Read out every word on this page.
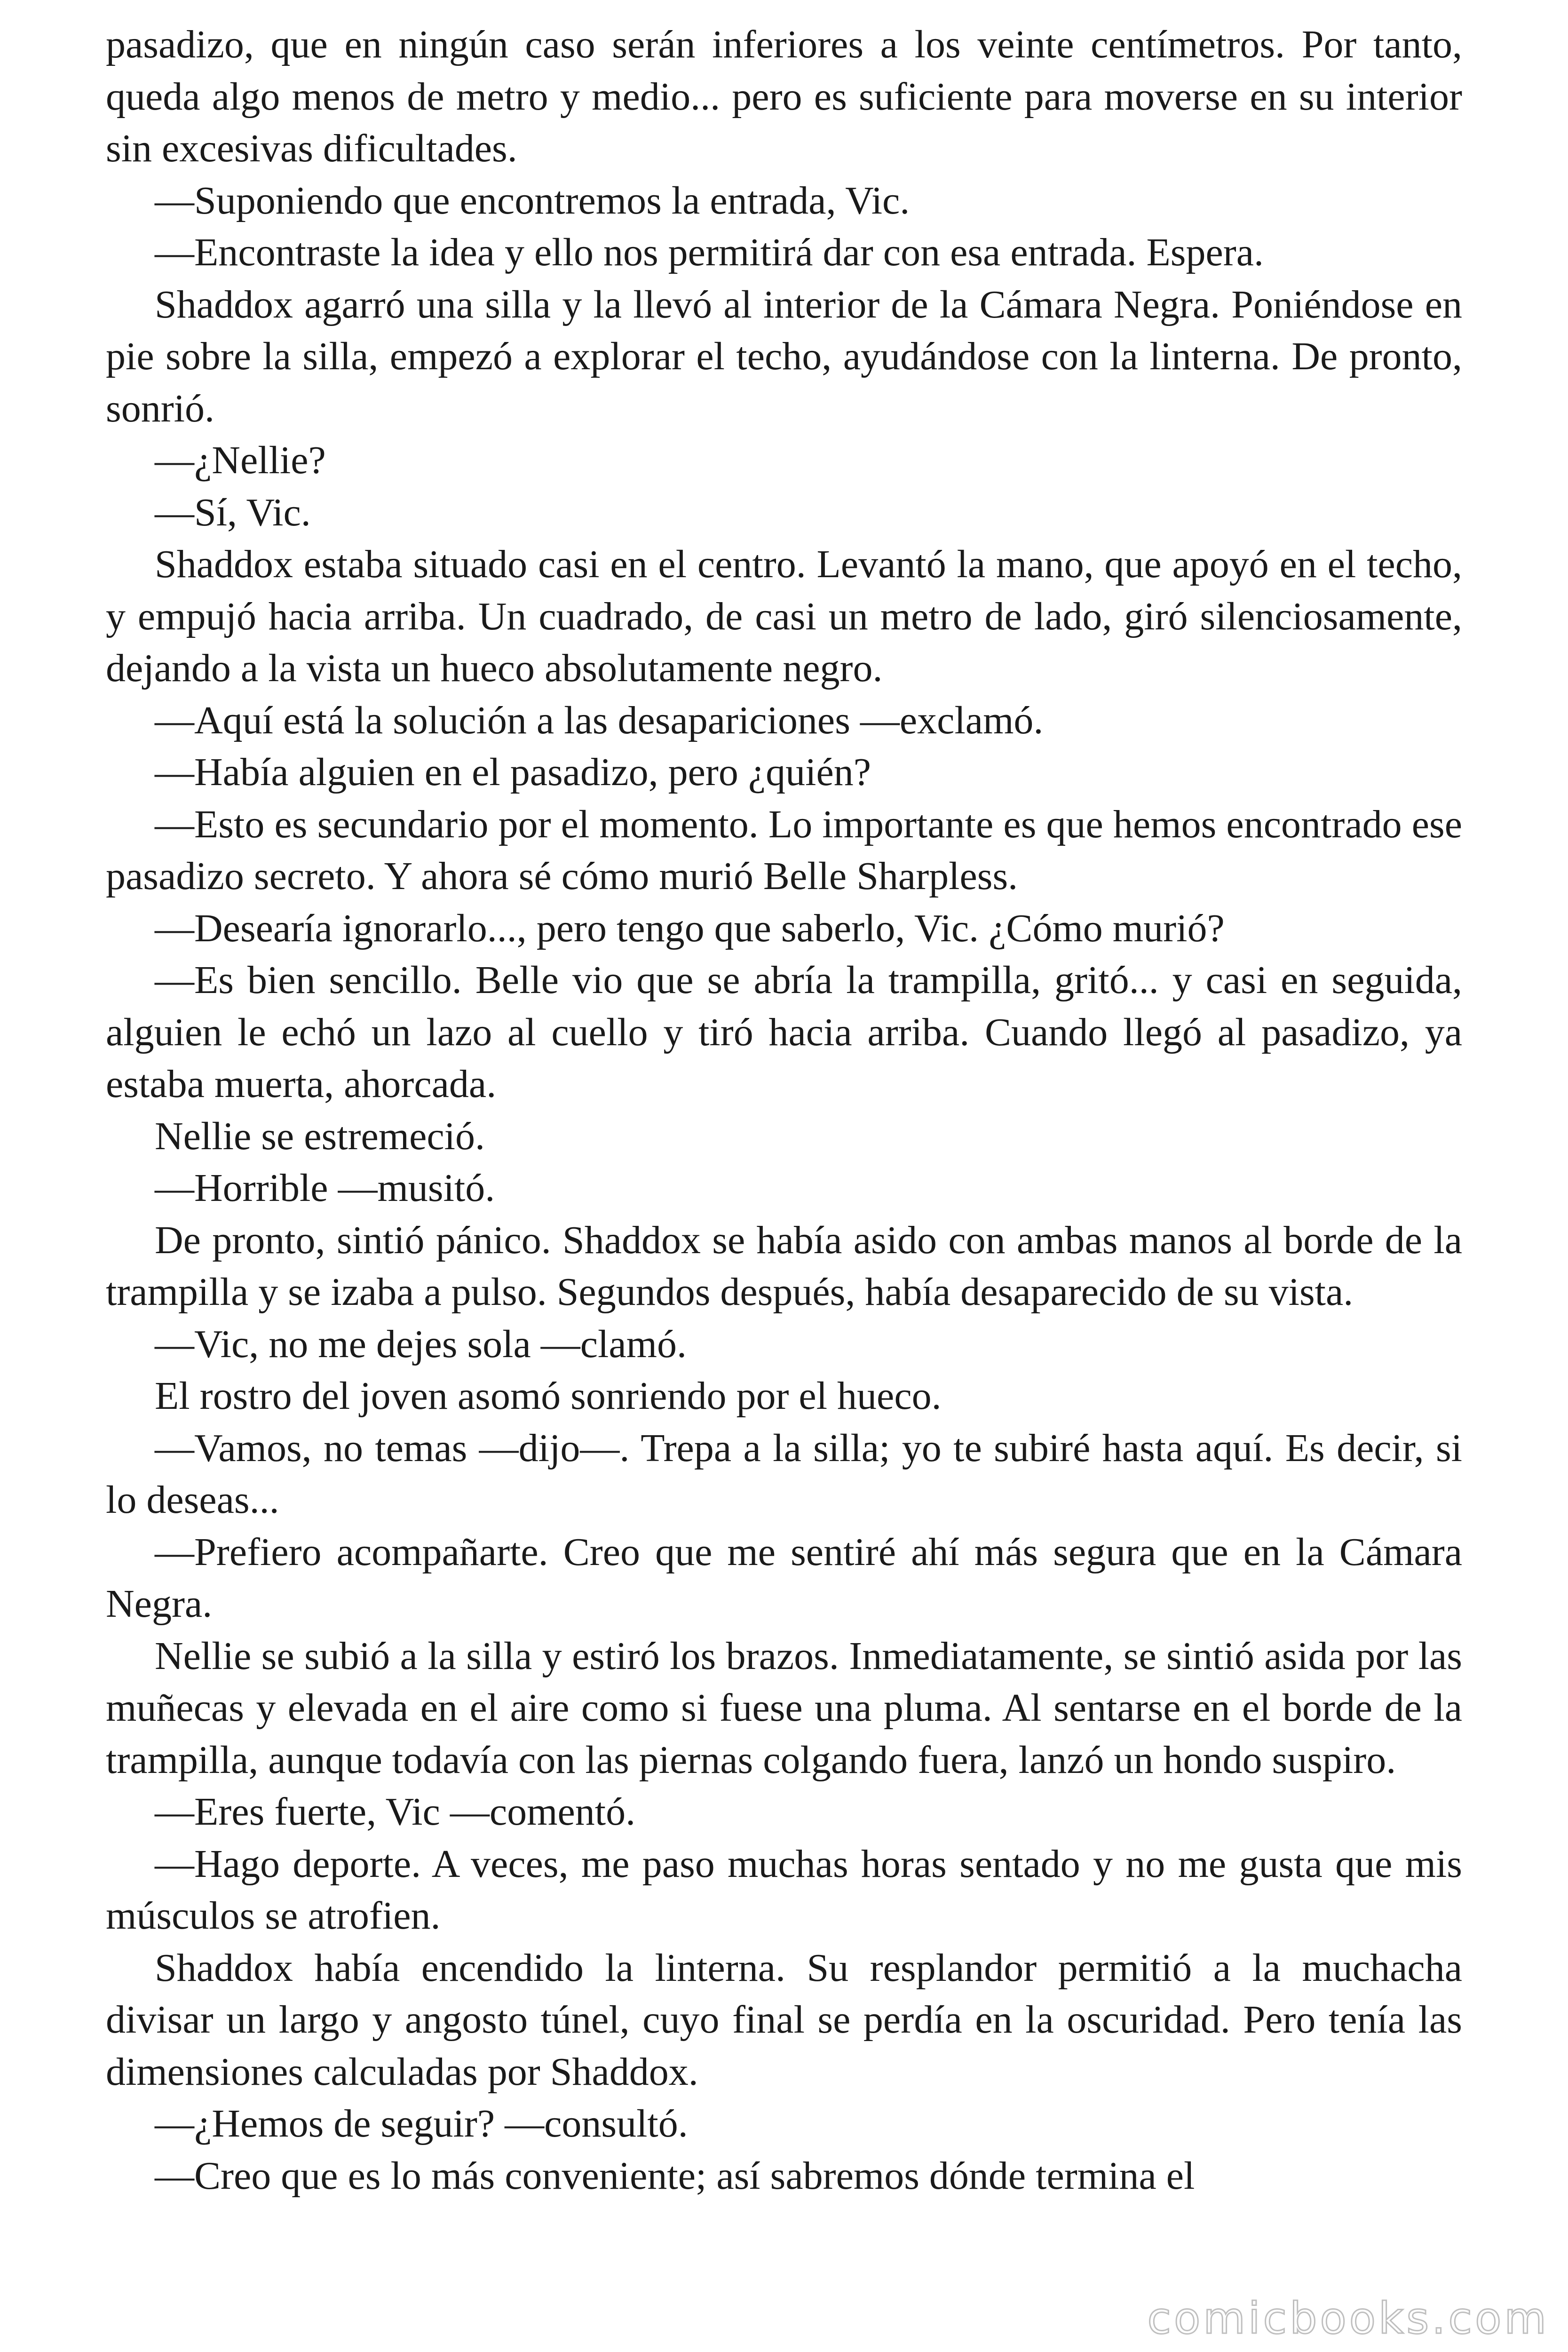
pasadizo, que en ningún caso serán inferiores a los veinte centímetros. Por tanto, queda algo menos de metro y medio... pero es suficiente para moverse en su interior sin excesivas dificultades.

—Suponiendo que encontremos la entrada, Vic.

—Encontraste la idea y ello nos permitirá dar con esa entrada. Espera.

Shaddox agarró una silla y la llevó al interior de la Cámara Negra. Poniéndose en pie sobre la silla, empezó a explorar el techo, ayudándose con la linterna. De pronto, sonrió.

—¿Nellie?

—Sí, Vic.

Shaddox estaba situado casi en el centro. Levantó la mano, que apoyó en el techo, y empujó hacia arriba. Un cuadrado, de casi un metro de lado, giró silenciosamente, dejando a la vista un hueco absolutamente negro.

—Aquí está la solución a las desapariciones —exclamó.

—Había alguien en el pasadizo, pero ¿quién?

—Esto es secundario por el momento. Lo importante es que hemos encontrado ese pasadizo secreto. Y ahora sé cómo murió Belle Sharpless.

—Desearía ignorarlo..., pero tengo que saberlo, Vic. ¿Cómo murió?

—Es bien sencillo. Belle vio que se abría la trampilla, gritó... y casi en seguida, alguien le echó un lazo al cuello y tiró hacia arriba. Cuando llegó al pasadizo, ya estaba muerta, ahorcada.

Nellie se estremeció.

—Horrible —musitó.

De pronto, sintió pánico. Shaddox se había asido con ambas manos al borde de la trampilla y se izaba a pulso. Segundos después, había desaparecido de su vista.

—Vic, no me dejes sola —clamó.

El rostro del joven asomó sonriendo por el hueco.

—Vamos, no temas —dijo—. Trepa a la silla; yo te subiré hasta aquí. Es decir, si lo deseas...

—Prefiero acompañarte. Creo que me sentiré ahí más segura que en la Cámara Negra.

Nellie se subió a la silla y estiró los brazos. Inmediatamente, se sintió asida por las muñecas y elevada en el aire como si fuese una pluma. Al sentarse en el borde de la trampilla, aunque todavía con las piernas colgando fuera, lanzó un hondo suspiro.

—Eres fuerte, Vic —comentó.

—Hago deporte. A veces, me paso muchas horas sentado y no me gusta que mis músculos se atrofien.

Shaddox había encendido la linterna. Su resplandor permitió a la muchacha divisar un largo y angosto túnel, cuyo final se perdía en la oscuridad. Pero tenía las dimensiones calculadas por Shaddox.

—¿Hemos de seguir? —consultó.

—Creo que es lo más conveniente; así sabremos dónde termina el

comicbooks.com
